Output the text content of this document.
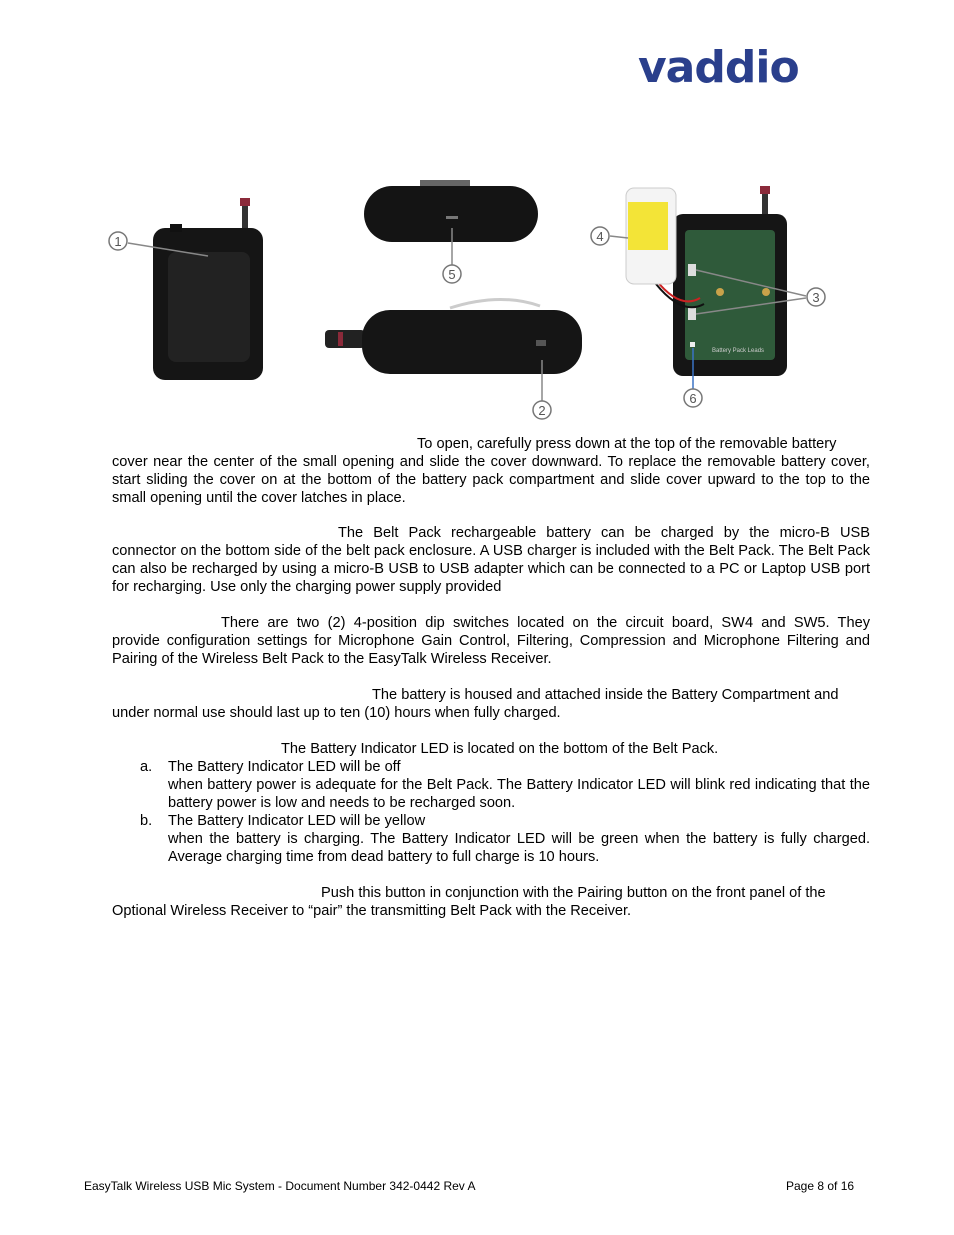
vaddio
1
5
2
Battery Pack Leads
4
3
6

To open, carefully press down at the top of the removable battery
cover near the center of the small opening and slide the cover downward. To replace the removable battery cover, start sliding the cover on at the bottom of the battery pack compartment and slide cover upward to the top to the small opening until the cover latches in place.

The Belt Pack rechargeable battery can be charged by the micro-B USB
connector on the bottom side of the belt pack enclosure. A USB charger is included with the Belt Pack. The Belt Pack can also be recharged by using a micro-B USB to USB adapter which can be connected to a PC or Laptop USB port for recharging. Use only the charging power supply provided

There are two (2) 4-position dip switches located on the circuit board, SW4 and SW5. They
provide configuration settings for Microphone Gain Control, Filtering, Compression and Microphone Filtering and Pairing of the Wireless Belt Pack to the EasyTalk Wireless Receiver.

The battery is housed and attached inside the Battery Compartment and
under normal use should last up to ten (10) hours when fully charged.

The Battery Indicator LED is located on the bottom of the Belt Pack.

a. The Battery Indicator LED will be off
when battery power is adequate for the Belt Pack. The Battery Indicator LED will blink red indicating that the battery power is low and needs to be recharged soon.
b. The Battery Indicator LED will be yellow
when the battery is charging. The Battery Indicator LED will be green when the battery is fully charged. Average charging time from dead battery to full charge is 10 hours.

Push this button in conjunction with the Pairing button on the front panel of the
Optional Wireless Receiver to “pair” the transmitting Belt Pack with the Receiver.

EasyTalk Wireless USB Mic System - Document Number 342-0442 Rev A	Page 8 of 16
